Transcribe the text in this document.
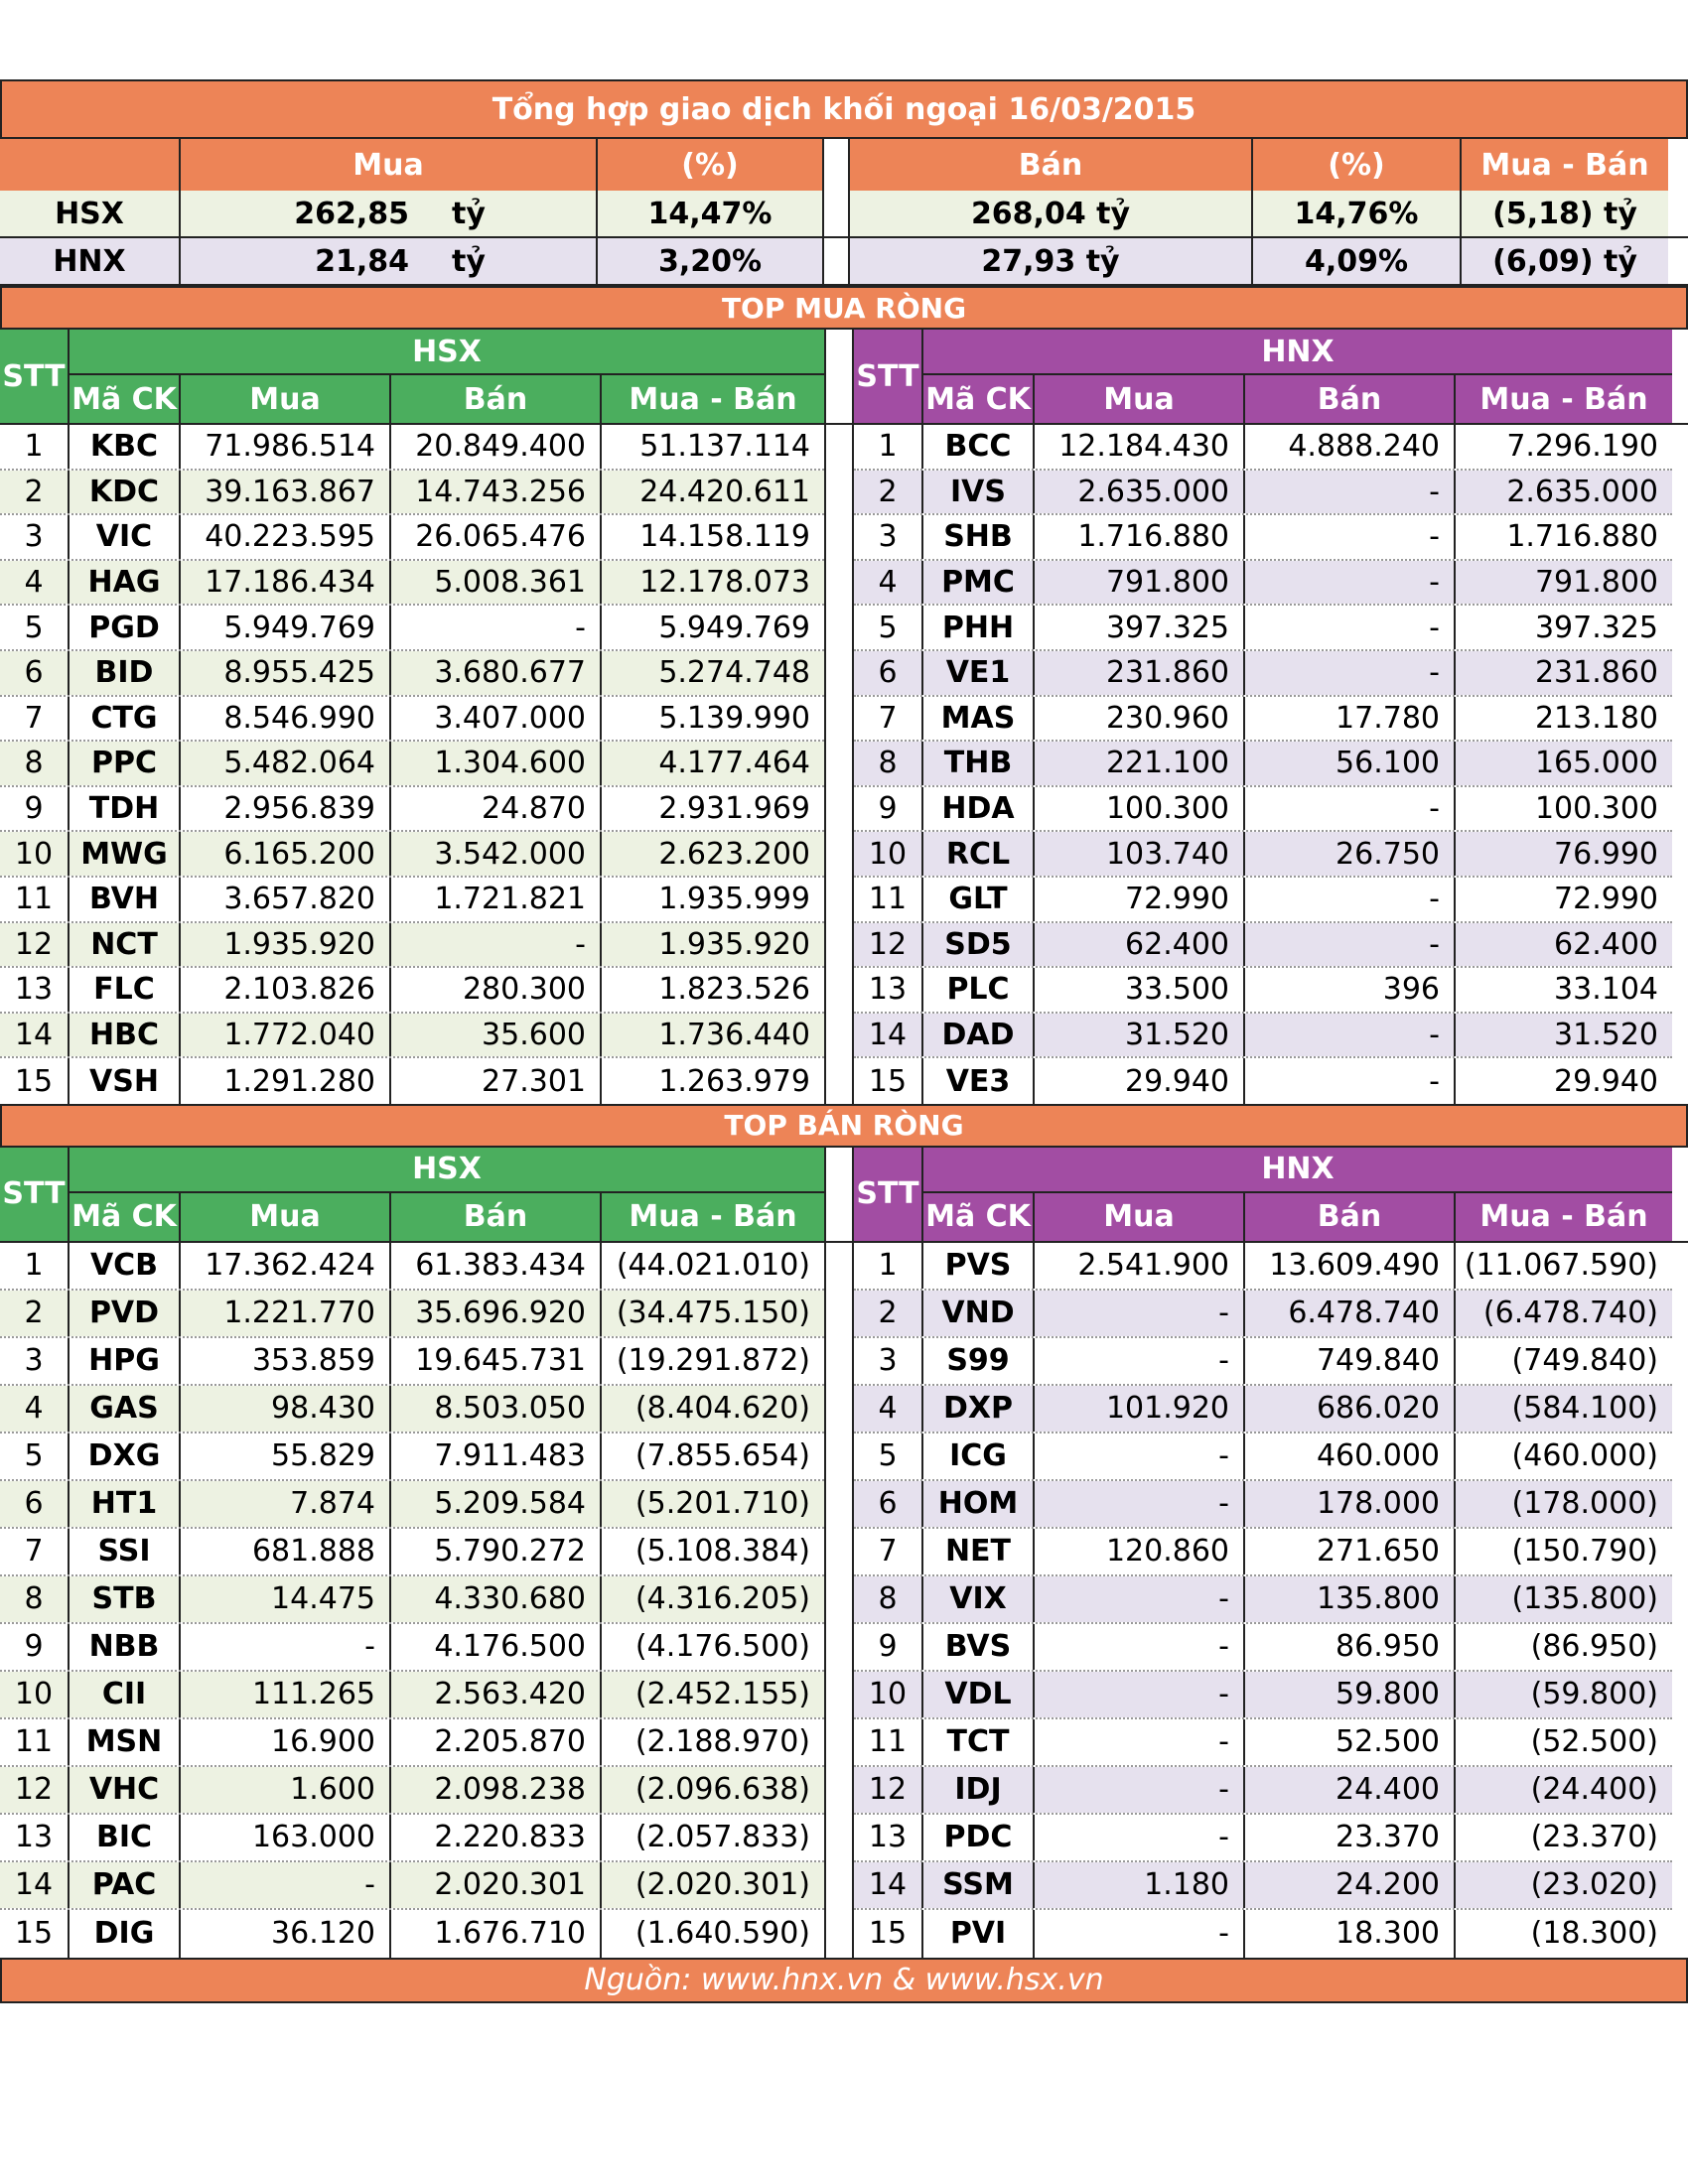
Tổng hợp giao dịch khối ngoại 16/03/2015
Mua	(%)	Bán	(%)	Mua - Bán
HSX	262,85	tỷ	14,47%	268,04 tỷ	14,76%	(5,18) tỷ
HNX	21,84	tỷ	3,20%	27,93 tỷ	4,09%	(6,09) tỷ
TOP MUA RÒNG
STT
HSX
Mã CK	Mua	Bán	Mua - Bán
STT
HNX
Mã CK	Mua	Bán	Mua - Bán
1	KBC	71.986.514	20.849.400	51.137.114
2	KDC	39.163.867	14.743.256	24.420.611
3	VIC	40.223.595	26.065.476	14.158.119
4	HAG	17.186.434	5.008.361	12.178.073
5	PGD	5.949.769	-	5.949.769
6	BID	8.955.425	3.680.677	5.274.748
7	CTG	8.546.990	3.407.000	5.139.990
8	PPC	5.482.064	1.304.600	4.177.464
9	TDH	2.956.839	24.870	2.931.969
10 MWG	6.165.200	3.542.000	2.623.200
11	BVH	3.657.820	1.721.821	1.935.999
12	NCT	1.935.920	-	1.935.920
13	FLC	2.103.826	280.300	1.823.526
14	HBC	1.772.040	35.600	1.736.440
15	VSH	1.291.280	27.301	1.263.979
1	BCC	12.184.430	4.888.240	7.296.190
2	IVS	2.635.000	-	2.635.000
3	SHB	1.716.880	-	1.716.880
4	PMC	791.800	-	791.800
5	PHH	397.325	-	397.325
6	VE1	231.860	-	231.860
7	MAS	230.960	17.780	213.180
8	THB	221.100	56.100	165.000
9	HDA	100.300	-	100.300
10	RCL	103.740	26.750	76.990
11	GLT	72.990	-	72.990
12	SD5	62.400	-	62.400
13	PLC	33.500	396	33.104
14	DAD	31.520	-	31.520
15	VE3	29.940	-	29.940
TOP BÁN RÒNG
STT
HSX
Mã CK	Mua	Bán	Mua - Bán
STT
HNX
Mã CK	Mua	Bán	Mua - Bán
1	VCB	17.362.424	61.383.434	(44.021.010)
2	PVD	1.221.770	35.696.920	(34.475.150)
3	HPG	353.859	19.645.731	(19.291.872)
4	GAS	98.430	8.503.050	(8.404.620)
5	DXG	55.829	7.911.483	(7.855.654)
6	HT1	7.874	5.209.584	(5.201.710)
7	SSI	681.888	5.790.272	(5.108.384)
8	STB	14.475	4.330.680	(4.316.205)
9	NBB	-	4.176.500	(4.176.500)
10	CII	111.265	2.563.420	(2.452.155)
11	MSN	16.900	2.205.870	(2.188.970)
12	VHC	1.600	2.098.238	(2.096.638)
13	BIC	163.000	2.220.833	(2.057.833)
14	PAC	-	2.020.301	(2.020.301)
15	DIG	36.120	1.676.710	(1.640.590)
1	PVS	2.541.900	13.609.490 (11.067.590)
2	VND	-	6.478.740	(6.478.740)
3	S99	-	749.840	(749.840)
4	DXP	101.920	686.020	(584.100)
5	ICG	-	460.000	(460.000)
6	HOM	-	178.000	(178.000)
7	NET	120.860	271.650	(150.790)
8	VIX	-	135.800	(135.800)
9	BVS	-	86.950	(86.950)
10	VDL	-	59.800	(59.800)
11	TCT	-	52.500	(52.500)
12	IDJ	-	24.400	(24.400)
13	PDC	-	23.370	(23.370)
14	SSM	1.180	24.200	(23.020)
15	PVI	-	18.300	(18.300)
Nguồn: www.hnx.vn & www.hsx.vn
